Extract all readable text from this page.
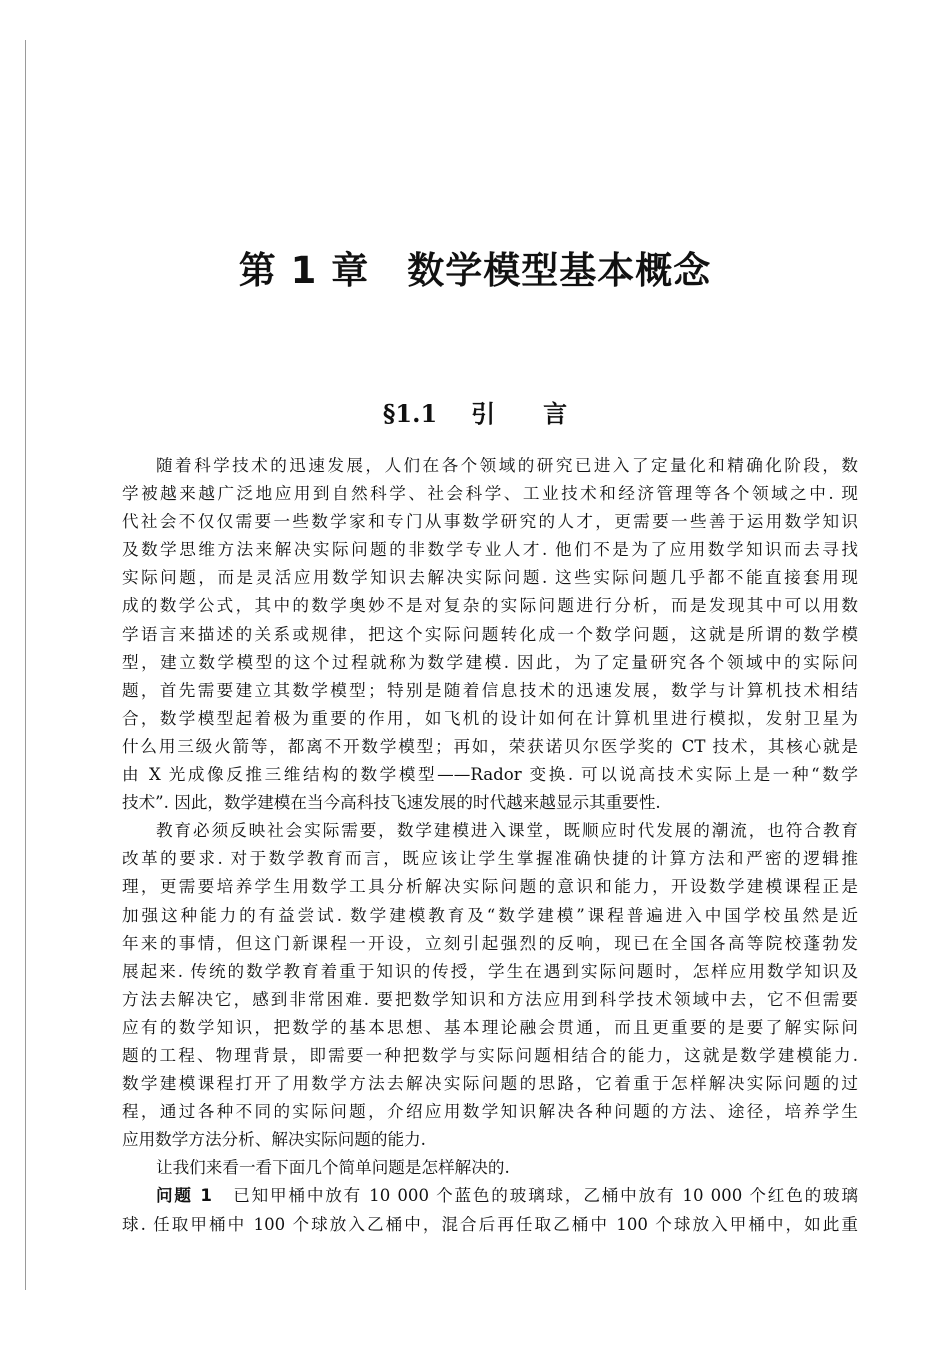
第 1 章 数学模型基本概念
§1.1 引 言
随着科学技术的迅速发展，人们在各个领域的研究已进入了定量化和精确化阶段，数
学被越来越广泛地应用到自然科学、社会科学、工业技术和经济管理等各个领域之中. 现
代社会不仅仅需要一些数学家和专门从事数学研究的人才，更需要一些善于运用数学知识
及数学思维方法来解决实际问题的非数学专业人才. 他们不是为了应用数学知识而去寻找
实际问题，而是灵活应用数学知识去解决实际问题. 这些实际问题几乎都不能直接套用现
成的数学公式，其中的数学奥妙不是对复杂的实际问题进行分析，而是发现其中可以用数
学语言来描述的关系或规律，把这个实际问题转化成一个数学问题，这就是所谓的数学模
型，建立数学模型的这个过程就称为数学建模. 因此，为了定量研究各个领域中的实际问
题，首先需要建立其数学模型；特别是随着信息技术的迅速发展，数学与计算机技术相结
合，数学模型起着极为重要的作用，如飞机的设计如何在计算机里进行模拟，发射卫星为
什么用三级火箭等，都离不开数学模型；再如，荣获诺贝尔医学奖的 CT 技术，其核心就是
由 X 光成像反推三维结构的数学模型——Rador 变换. 可以说高技术实际上是一种“数学
技术”. 因此，数学建模在当今高科技飞速发展的时代越来越显示其重要性.
教育必须反映社会实际需要，数学建模进入课堂，既顺应时代发展的潮流，也符合教育
改革的要求. 对于数学教育而言，既应该让学生掌握准确快捷的计算方法和严密的逻辑推
理，更需要培养学生用数学工具分析解决实际问题的意识和能力，开设数学建模课程正是
加强这种能力的有益尝试. 数学建模教育及“数学建模”课程普遍进入中国学校虽然是近
年来的事情，但这门新课程一开设，立刻引起强烈的反响，现已在全国各高等院校蓬勃发
展起来. 传统的数学教育着重于知识的传授，学生在遇到实际问题时，怎样应用数学知识及
方法去解决它，感到非常困难. 要把数学知识和方法应用到科学技术领域中去，它不但需要
应有的数学知识，把数学的基本思想、基本理论融会贯通，而且更重要的是要了解实际问
题的工程、物理背景，即需要一种把数学与实际问题相结合的能力，这就是数学建模能力.
数学建模课程打开了用数学方法去解决实际问题的思路，它着重于怎样解决实际问题的过
程，通过各种不同的实际问题，介绍应用数学知识解决各种问题的方法、途径，培养学生
应用数学方法分析、解决实际问题的能力.
让我们来看一看下面几个简单问题是怎样解决的.
问题 1 已知甲桶中放有 10 000 个蓝色的玻璃球，乙桶中放有 10 000 个红色的玻璃
球. 任取甲桶中 100 个球放入乙桶中，混合后再任取乙桶中 100 个球放入甲桶中，如此重
